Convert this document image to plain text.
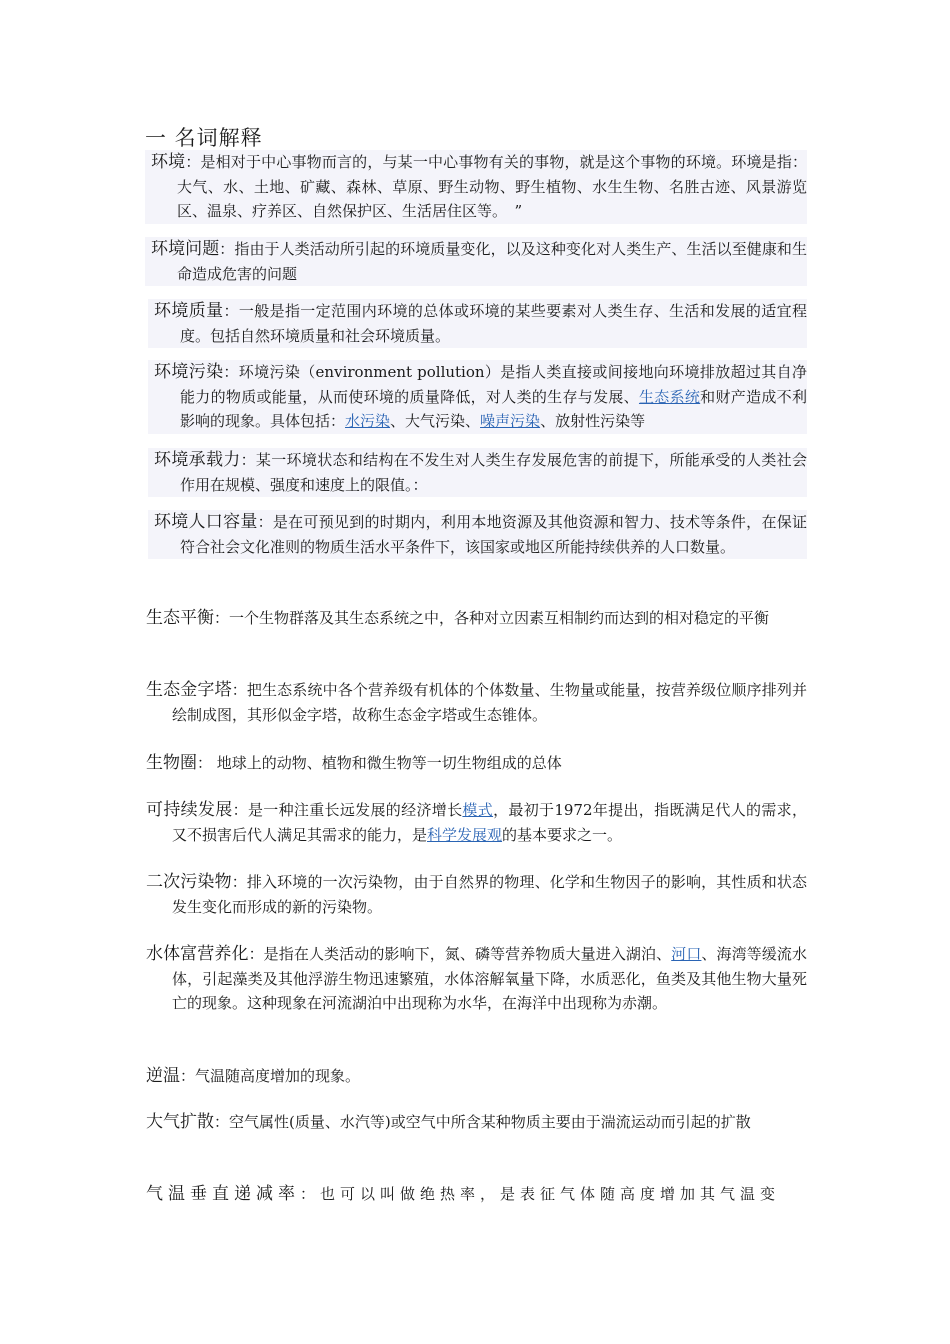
一 名词解释

环境：是相对于中心事物而言的，与某一中心事物有关的事物，就是这个事物的环境。环境是指：大气、水、土地、矿藏、森林、草原、野生动物、野生植物、水生生物、名胜古迹、风景游览区、温泉、疗养区、自然保护区、生活居住区等。　”

环境问题：指由于人类活动所引起的环境质量变化，以及这种变化对人类生产、生活以至健康和生命造成危害的问题

环境质量：一般是指一定范围内环境的总体或环境的某些要素对人类生存、生活和发展的适宜程度。包括自然环境质量和社会环境质量。

环境污染：环境污染（environment pollution）是指人类直接或间接地向环境排放超过其自净能力的物质或能量，从而使环境的质量降低，对人类的生存与发展、生态系统和财产造成不利影响的现象。具体包括：水污染、大气污染、噪声污染、放射性污染等

环境承载力：某一环境状态和结构在不发生对人类生存发展危害的前提下，所能承受的人类社会作用在规模、强度和速度上的限值。：

环境人口容量：是在可预见到的时期内，利用本地资源及其他资源和智力、技术等条件，在保证符合社会文化准则的物质生活水平条件下，该国家或地区所能持续供养的人口数量。

生态平衡：一个生物群落及其生态系统之中，各种对立因素互相制约而达到的相对稳定的平衡

生态金字塔：把生态系统中各个营养级有机体的个体数量、生物量或能量，按营养级位顺序排列并绘制成图，其形似金字塔，故称生态金字塔或生态锥体。

生物圈： 地球上的动物、植物和微生物等一切生物组成的总体

可持续发展：是一种注重长远发展的经济增长模式，最初于1972年提出，指既满足代人的需求，又不损害后代人满足其需求的能力，是科学发展观的基本要求之一。

二次污染物：排入环境的一次污染物，由于自然界的物理、化学和生物因子的影响，其性质和状态发生变化而形成的新的污染物。

水体富营养化：是指在人类活动的影响下，氮、磷等营养物质大量进入湖泊、河口、海湾等缓流水体，引起藻类及其他浮游生物迅速繁殖，水体溶解氧量下降，水质恶化，鱼类及其他生物大量死亡的现象。这种现象在河流湖泊中出现称为水华，在海洋中出现称为赤潮。

逆温：气温随高度增加的现象。

大气扩散：空气属性(质量、水汽等)或空气中所含某种物质主要由于湍流运动而引起的扩散

气温垂直递减率：也可以叫做绝热率，是表征气体随高度增加其气温变
